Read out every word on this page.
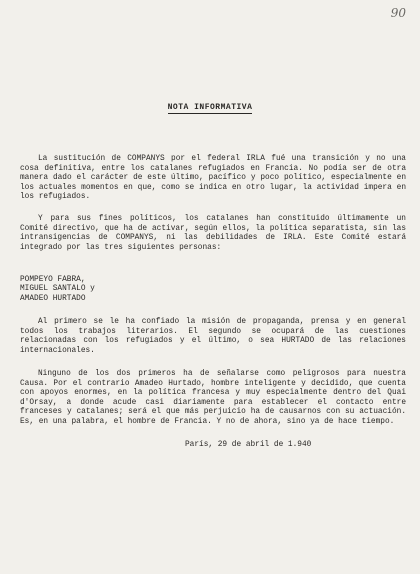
90
NOTA INFORMATIVA
La sustitución de COMPANYS por el federal IRLA fué una transición y no una cosa definitiva, entre los catalanes refugiados en Francia. No podía ser de otra manera dado el carácter de este último, pacífico y poco político, especialmente en los actuales momentos en que, como se indica en otro lugar, la actividad impera en los refugiados.
Y para sus fines políticos, los catalanes han constituido últimamente un Comité directivo, que ha de activar, según ellos, la política separatista, sin las intransigencias de COMPANYS, ni las debilidades de IRLA. Este Comité estará integrado por las tres siguientes personas:
POMPEYO FABRA,
MIGUEL SANTALO y
AMADEO HURTADO
Al primero se le ha confiado la misión de propaganda, prensa y en general todos los trabajos literarios. El segundo se ocupará de las cuestiones relacionadas con los refugiados y el último, o sea HURTADO de las relaciones internacionales.
Ninguno de los dos primeros ha de señalarse como peligrosos para nuestra Causa. Por el contrario Amadeo Hurtado, hombre inteligente y decidido, que cuenta con apoyos enormes, en la política francesa y muy especialmente dentro del Quai d'Orsay, a donde acude casi diariamente para establecer el contacto entre franceses y catalanes; será el que más perjuicio ha de causarnos con su actuación. Es, en una palabra, el hombre de Francia. Y no de ahora, sino ya de hace tiempo.
París, 29 de abril de 1.940
